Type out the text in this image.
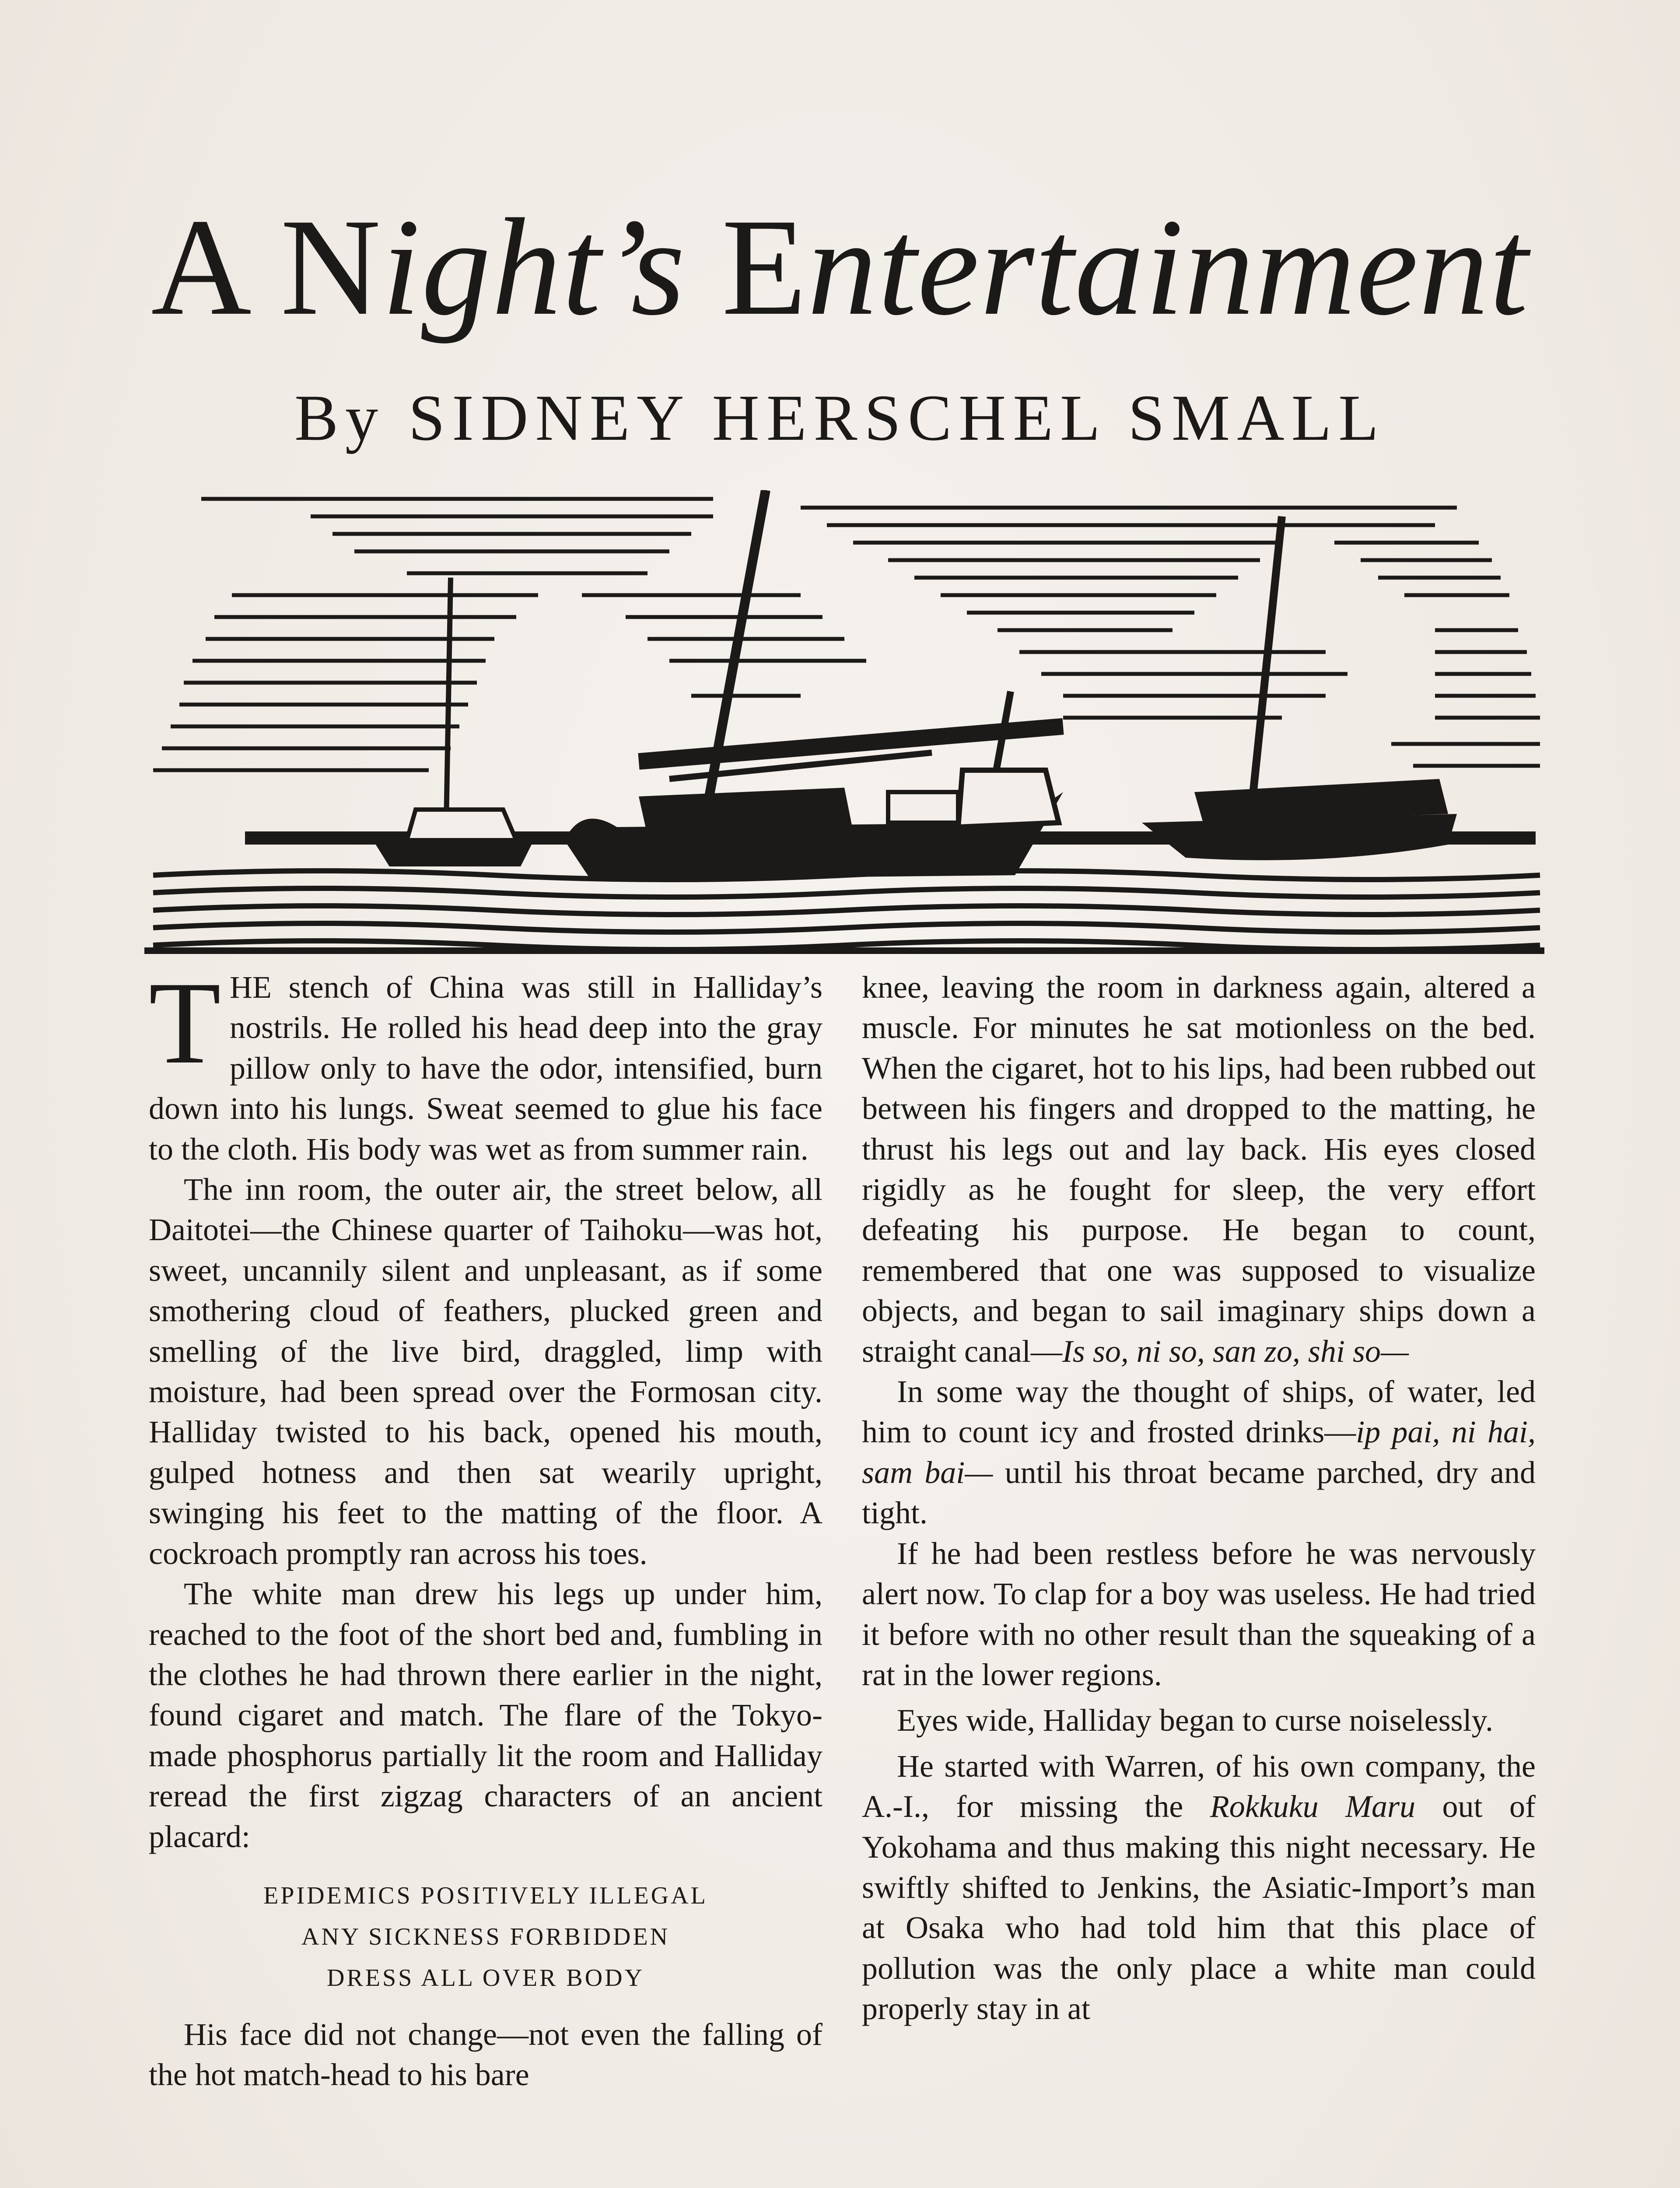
A Night’s Entertainment
By SIDNEY HERSCHEL SMALL

THE stench of China was still in Halliday’s nostrils. He rolled his head deep into the gray pillow only to have the odor, intensified, burn down into his lungs. Sweat seemed to glue his face to the cloth. His body was wet as from summer rain.

The inn room, the outer air, the street below, all Daitotei—the Chinese quarter of Taihoku—was hot, sweet, uncannily silent and unpleasant, as if some smothering cloud of feathers, plucked green and smelling of the live bird, draggled, limp with moisture, had been spread over the Formosan city. Halliday twisted to his back, opened his mouth, gulped hotness and then sat wearily upright, swinging his feet to the matting of the floor. A cockroach promptly ran across his toes.

The white man drew his legs up under him, reached to the foot of the short bed and, fumbling in the clothes he had thrown there earlier in the night, found cigaret and match. The flare of the Tokyo-made phosphorus partially lit the room and Halliday reread the first zigzag characters of an ancient placard:

EPIDEMICS POSITIVELY ILLEGAL
ANY SICKNESS FORBIDDEN
DRESS ALL OVER BODY

His face did not change—not even the falling of the hot match-head to his bare

knee, leaving the room in darkness again, altered a muscle. For minutes he sat motionless on the bed. When the cigaret, hot to his lips, had been rubbed out between his fingers and dropped to the matting, he thrust his legs out and lay back. His eyes closed rigidly as he fought for sleep, the very effort defeating his purpose. He began to count, remembered that one was supposed to visualize objects, and began to sail imaginary ships down a straight canal—Is so, ni so, san zo, shi so—

In some way the thought of ships, of water, led him to count icy and frosted drinks—ip pai, ni hai, sam bai— until his throat became parched, dry and tight.

If he had been restless before he was nervously alert now. To clap for a boy was useless. He had tried it before with no other result than the squeaking of a rat in the lower regions.

Eyes wide, Halliday began to curse noiselessly.

He started with Warren, of his own company, the A.-I., for missing the Rokkuku Maru out of Yokohama and thus making this night necessary. He swiftly shifted to Jenkins, the Asiatic-Import’s man at Osaka who had told him that this place of pollution was the only place a white man could properly stay in at
